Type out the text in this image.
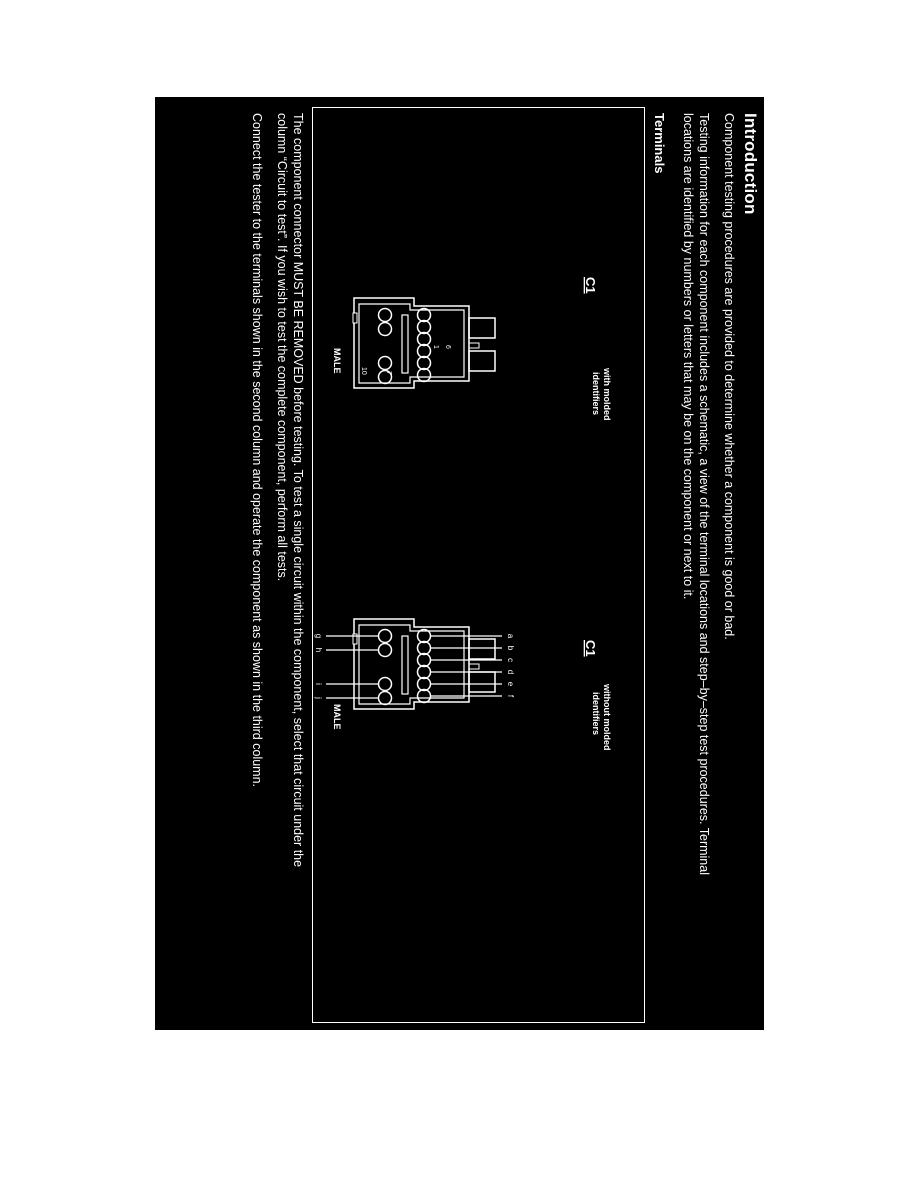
Introduction
Component testing procedures are provided to determine whether a component is good or bad.
Testing information for each component includes a schematic, a view of the terminal locations and step–by–step test procedures. Terminal
locations are identified by numbers or letters that may be on the component or next to it.
Terminals
C1
with molded
identifiers
1 6
7
10
MALE
C1
without molded
identifiers
a
b
c
d
e
f
g
h
i
j
MALE
The component connector MUST BE REMOVED before testing. To test a single circuit within the component, select that circuit under the
column “Circuit to test”. If you wish to test the complete component, perform all tests.
Connect the tester to the terminals shown in the second column and operate the component as shown in the third column.
